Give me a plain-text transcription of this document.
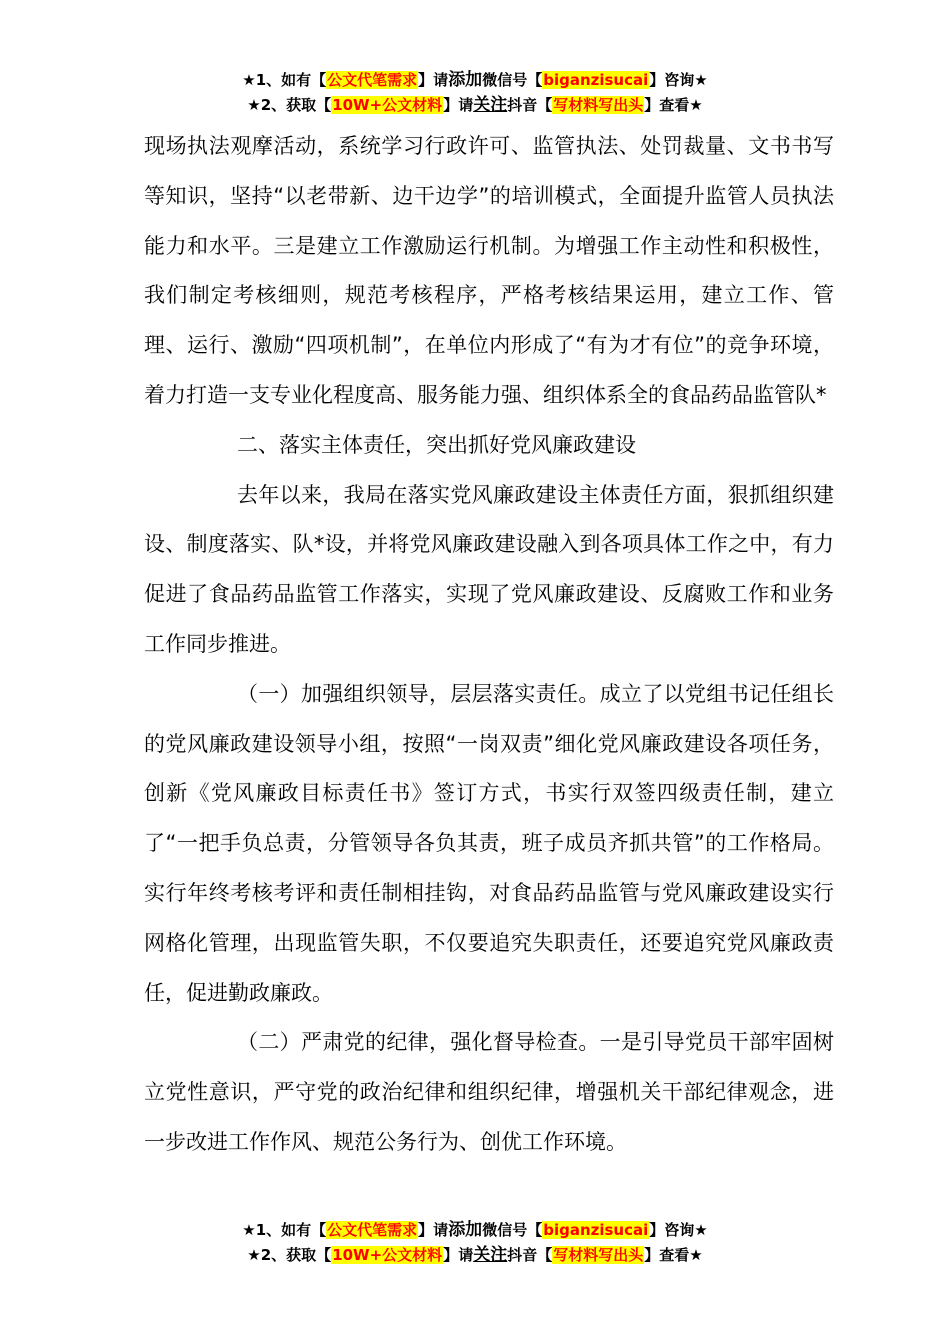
★1、如有【公文代笔需求】请添加微信号【biganzisucai】咨询★
★2、获取【10W+公文材料】请关注抖音【写材料写出头】查看★

现场执法观摩活动，系统学习行政许可、监管执法、处罚裁量、文书书写等知识，坚持“以老带新、边干边学”的培训模式，全面提升监管人员执法能力和水平。三是建立工作激励运行机制。为增强工作主动性和积极性，我们制定考核细则，规范考核程序，严格考核结果运用，建立工作、管理、运行、激励“四项机制”，在单位内形成了“有为才有位”的竞争环境，着力打造一支专业化程度高、服务能力强、组织体系全的食品药品监管队*

二、落实主体责任，突出抓好党风廉政建设

去年以来，我局在落实党风廉政建设主体责任方面，狠抓组织建设、制度落实、队*设，并将党风廉政建设融入到各项具体工作之中，有力促进了食品药品监管工作落实，实现了党风廉政建设、反腐败工作和业务工作同步推进。

（一）加强组织领导，层层落实责任。成立了以党组书记任组长的党风廉政建设领导小组，按照“一岗双责”细化党风廉政建设各项任务，创新《党风廉政目标责任书》签订方式，书实行双签四级责任制，建立了“一把手负总责，分管领导各负其责，班子成员齐抓共管”的工作格局。实行年终考核考评和责任制相挂钩，对食品药品监管与党风廉政建设实行网格化管理，出现监管失职，不仅要追究失职责任，还要追究党风廉政责任，促进勤政廉政。

（二）严肃党的纪律，强化督导检查。一是引导党员干部牢固树立党性意识，严守党的政治纪律和组织纪律，增强机关干部纪律观念，进一步改进工作作风、规范公务行为、创优工作环境。

★1、如有【公文代笔需求】请添加微信号【biganzisucai】咨询★
★2、获取【10W+公文材料】请关注抖音【写材料写出头】查看★
